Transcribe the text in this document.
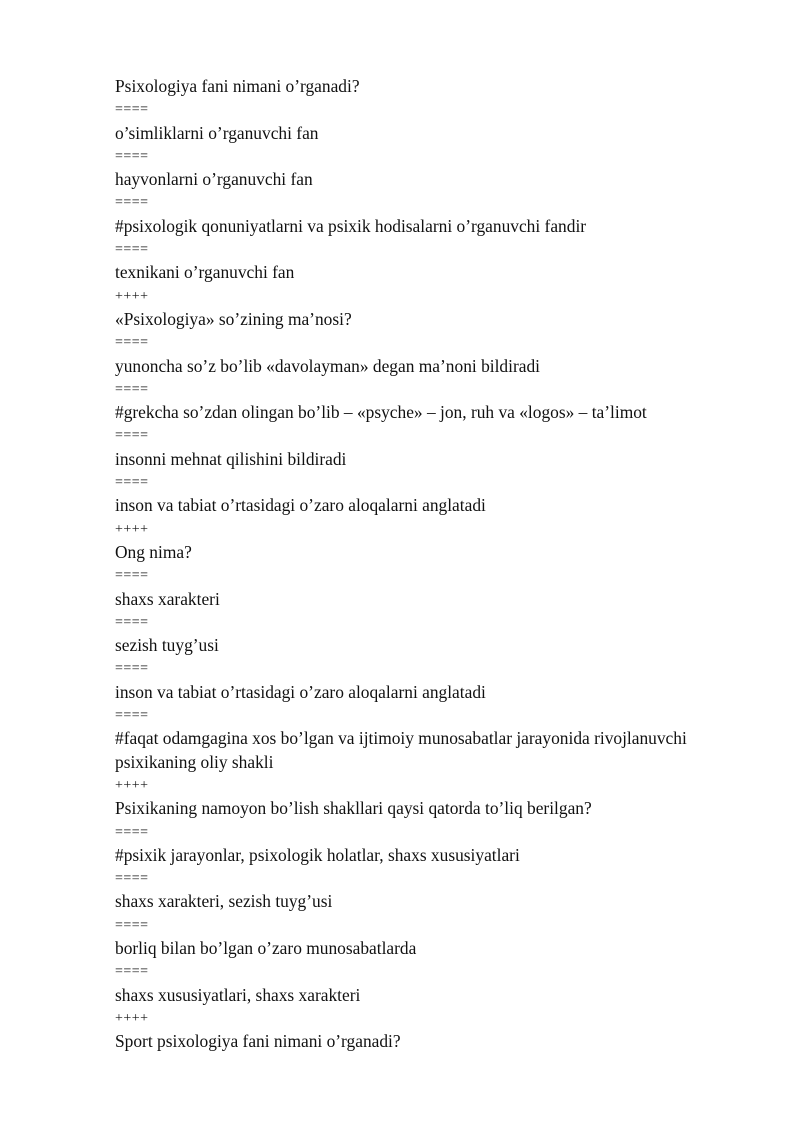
Psixologiya fani nimani o’rganadi?
====
o’simliklarni o’rganuvchi fan
====
hayvonlarni o’rganuvchi fan
====
#psixologik qonuniyatlarni va psixik hodisalarni o’rganuvchi fandir
====
texnikani o’rganuvchi fan
++++
«Psixologiya» so’zining ma’nosi?
====
yunoncha so’z bo’lib «davolayman» degan ma’noni bildiradi
====
#grekcha so’zdan olingan bo’lib – «psyche» – jon, ruh va «logos» – ta’limot
====
insonni mehnat qilishini bildiradi
====
inson va tabiat o’rtasidagi o’zaro aloqalarni anglatadi
++++
Ong nima?
====
shaxs xarakteri
====
sezish tuyg’usi
====
inson va tabiat o’rtasidagi o’zaro aloqalarni anglatadi
====
#faqat odamgagina xos bo’lgan va ijtimoiy munosabatlar jarayonida rivojlanuvchi psixikaning oliy shakli
++++
Psixikaning namoyon bo’lish shakllari qaysi qatorda to’liq berilgan?
====
#psixik jarayonlar, psixologik holatlar, shaxs xususiyatlari
====
shaxs xarakteri, sezish tuyg’usi
====
borliq bilan bo’lgan o’zaro munosabatlarda
====
shaxs xususiyatlari, shaxs xarakteri
++++
Sport psixologiya fani nimani o’rganadi?
